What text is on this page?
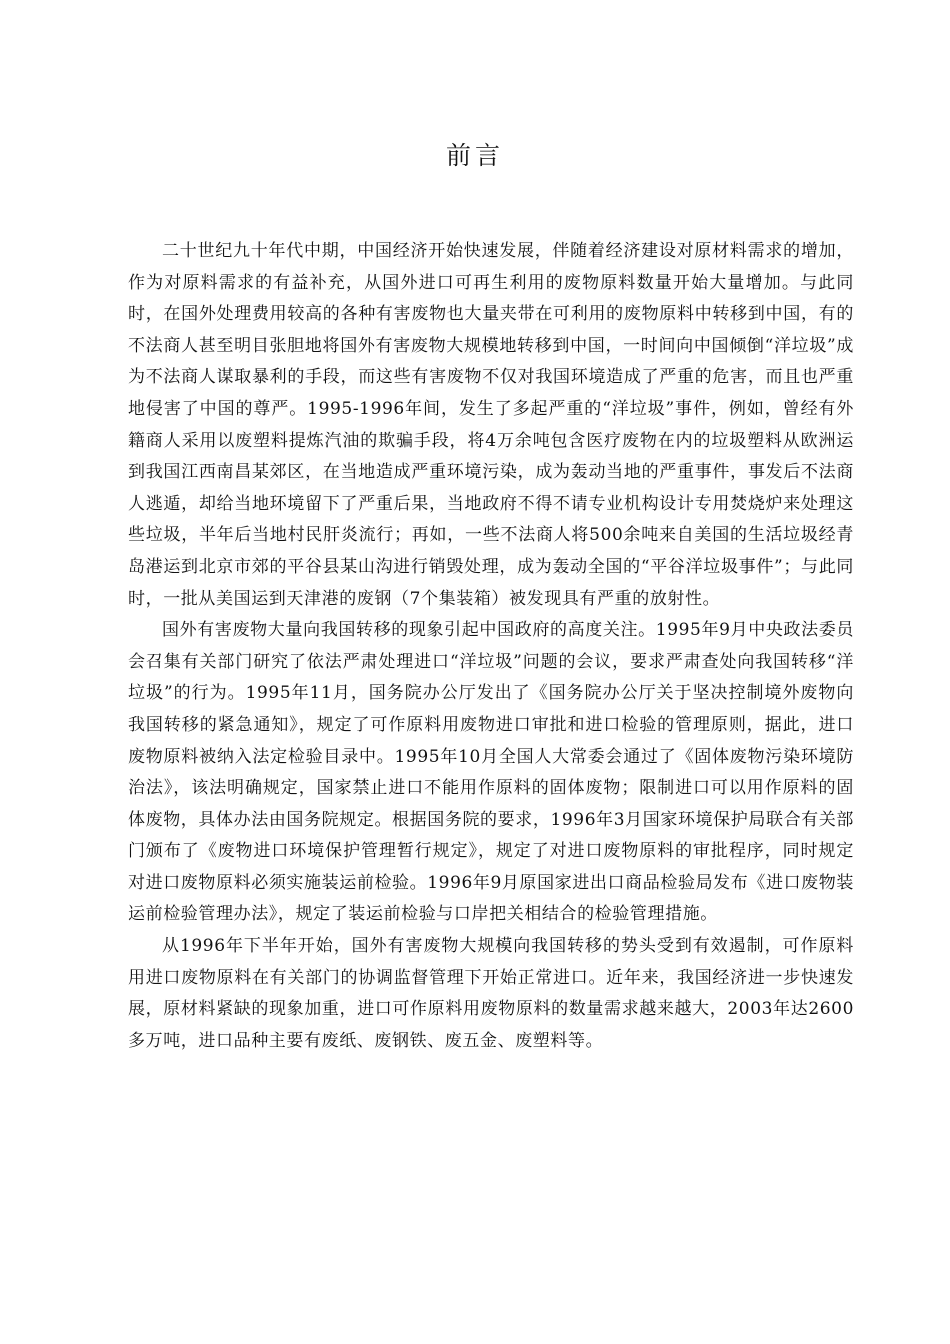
前言

二十世纪九十年代中期，中国经济开始快速发展，伴随着经济建设对原材料需求的增加，作为对原料需求的有益补充，从国外进口可再生利用的废物原料数量开始大量增加。与此同时，在国外处理费用较高的各种有害废物也大量夹带在可利用的废物原料中转移到中国，有的不法商人甚至明目张胆地将国外有害废物大规模地转移到中国，一时间向中国倾倒“洋垃圾”成为不法商人谋取暴利的手段，而这些有害废物不仅对我国环境造成了严重的危害，而且也严重地侵害了中国的尊严。1995-1996年间，发生了多起严重的“洋垃圾”事件，例如，曾经有外籍商人采用以废塑料提炼汽油的欺骗手段，将4万余吨包含医疗废物在内的垃圾塑料从欧洲运到我国江西南昌某郊区，在当地造成严重环境污染，成为轰动当地的严重事件，事发后不法商人逃遁，却给当地环境留下了严重后果，当地政府不得不请专业机构设计专用焚烧炉来处理这些垃圾，半年后当地村民肝炎流行；再如，一些不法商人将500余吨来自美国的生活垃圾经青岛港运到北京市郊的平谷县某山沟进行销毁处理，成为轰动全国的“平谷洋垃圾事件”；与此同时，一批从美国运到天津港的废钢（7个集装箱）被发现具有严重的放射性。

国外有害废物大量向我国转移的现象引起中国政府的高度关注。1995年9月中央政法委员会召集有关部门研究了依法严肃处理进口“洋垃圾”问题的会议，要求严肃查处向我国转移“洋垃圾”的行为。1995年11月，国务院办公厅发出了《国务院办公厅关于坚决控制境外废物向我国转移的紧急通知》，规定了可作原料用废物进口审批和进口检验的管理原则，据此，进口废物原料被纳入法定检验目录中。1995年10月全国人大常委会通过了《固体废物污染环境防治法》，该法明确规定，国家禁止进口不能用作原料的固体废物；限制进口可以用作原料的固体废物，具体办法由国务院规定。根据国务院的要求，1996年3月国家环境保护局联合有关部门颁布了《废物进口环境保护管理暂行规定》，规定了对进口废物原料的审批程序，同时规定对进口废物原料必须实施装运前检验。1996年9月原国家进出口商品检验局发布《进口废物装运前检验管理办法》，规定了装运前检验与口岸把关相结合的检验管理措施。

从1996年下半年开始，国外有害废物大规模向我国转移的势头受到有效遏制，可作原料用进口废物原料在有关部门的协调监督管理下开始正常进口。近年来，我国经济进一步快速发展，原材料紧缺的现象加重，进口可作原料用废物原料的数量需求越来越大，2003年达2600多万吨，进口品种主要有废纸、废钢铁、废五金、废塑料等。
